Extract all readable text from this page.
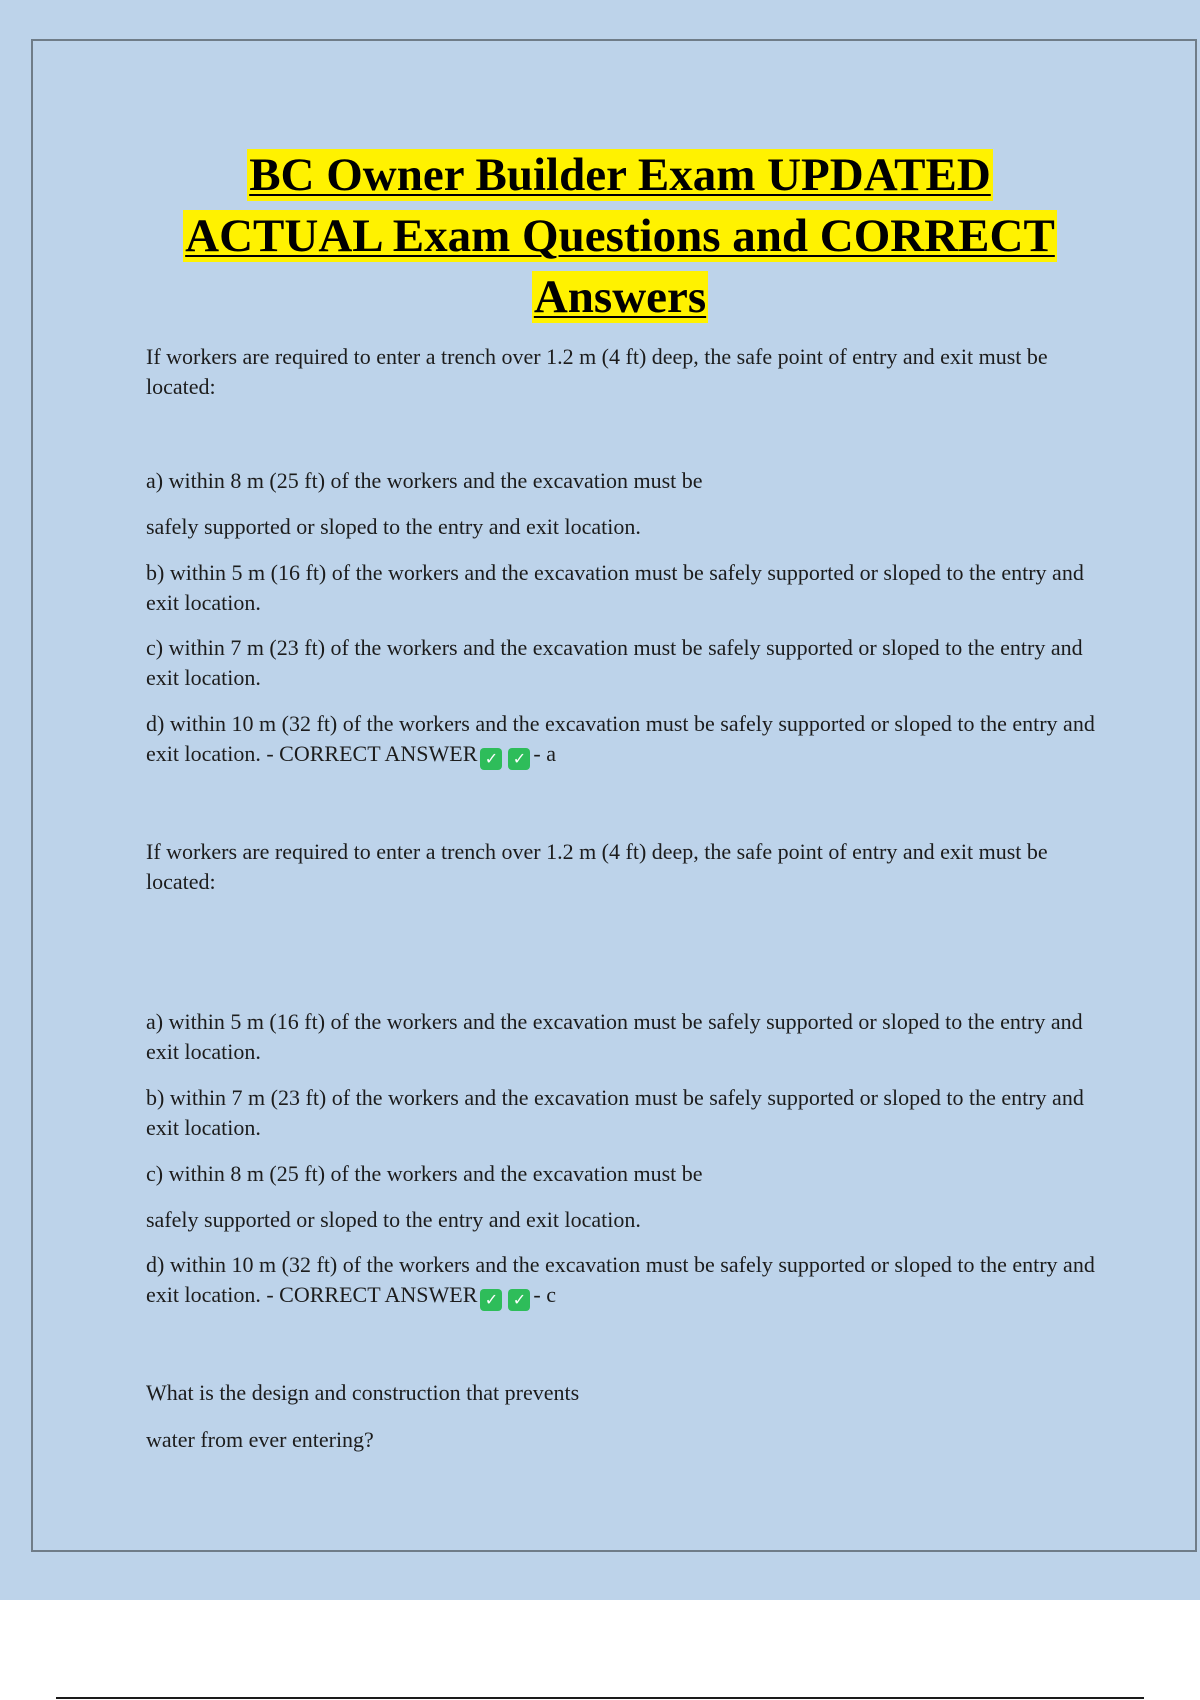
BC Owner Builder Exam UPDATED
ACTUAL Exam Questions and CORRECT
Answers

If workers are required to enter a trench over 1.2 m (4 ft) deep, the safe point of entry and exit must be located:

a) within 8 m (25 ft) of the workers and the excavation must be

safely supported or sloped to the entry and exit location.

b) within 5 m (16 ft) of the workers and the excavation must be safely supported or sloped to the entry and exit location.

c) within 7 m (23 ft) of the workers and the excavation must be safely supported or sloped to the entry and exit location.

d) within 10 m (32 ft) of the workers and the excavation must be safely supported or sloped to the entry and exit location. - CORRECT ANSWER ✓ ✓ - a

If workers are required to enter a trench over 1.2 m (4 ft) deep, the safe point of entry and exit must be located:

a) within 5 m (16 ft) of the workers and the excavation must be safely supported or sloped to the entry and exit location.

b) within 7 m (23 ft) of the workers and the excavation must be safely supported or sloped to the entry and exit location.

c) within 8 m (25 ft) of the workers and the excavation must be

safely supported or sloped to the entry and exit location.

d) within 10 m (32 ft) of the workers and the excavation must be safely supported or sloped to the entry and exit location. - CORRECT ANSWER ✓ ✓ - c

What is the design and construction that prevents

water from ever entering?
